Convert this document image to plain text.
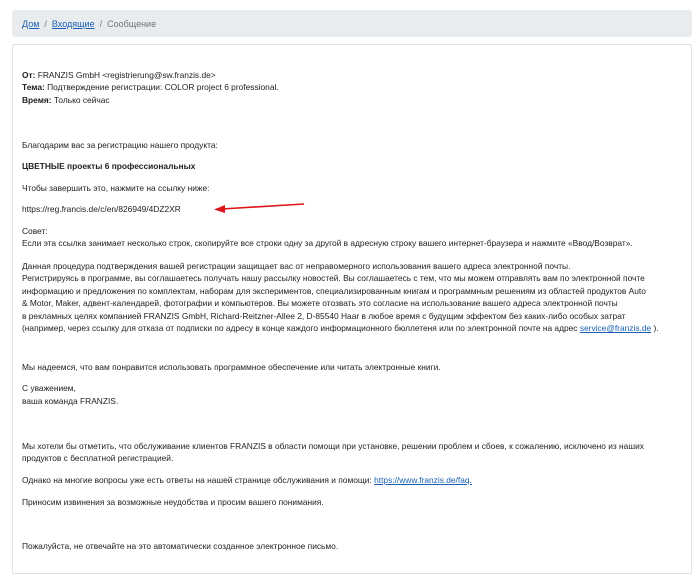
Дом / Входящие / Сообщение
От: FRANZIS GmbH <registrierung@sw.franzis.de>
Тема: Подтверждение регистрации: COLOR project 6 professional.
Время: Только сейчас
Благодарим вас за регистрацию нашего продукта:
ЦВЕТНЫЕ проекты 6 профессиональных
Чтобы завершить это, нажмите на ссылку ниже:
https://reg.francis.de/c/en/826949/4DZ2XR
Совет:
Если эта ссылка занимает несколько строк, скопируйте все строки одну за другой в адресную строку вашего интернет-браузера и нажмите «Ввод/Возврат».
Данная процедура подтверждения вашей регистрации защищает вас от неправомерного использования вашего адреса электронной почты.
Регистрируясь в программе, вы соглашаетесь получать нашу рассылку новостей. Вы соглашаетесь с тем, что мы можем отправлять вам по электронной почте
информацию и предложения по комплектам, наборам для экспериментов, специализированным книгам и программным решениям из областей продуктов Auto
& Motor, Maker, адвент-календарей, фотографии и компьютеров. Вы можете отозвать это согласие на использование вашего адреса электронной почты
в рекламных целях компанией FRANZIS GmbH, Richard-Reitzner-Allee 2, D-85540 Haar в любое время с будущим эффектом без каких-либо особых затрат
(например, через ссылку для отказа от подписки по адресу в конце каждого информационного бюллетеня или по электронной почте на адрес service@franzis.de ).
Мы надеемся, что вам понравится использовать программное обеспечение или читать электронные книги.
С уважением,
ваша команда FRANZIS.
Мы хотели бы отметить, что обслуживание клиентов FRANZIS в области помощи при установке, решении проблем и сбоев, к сожалению, исключено из наших
продуктов с бесплатной регистрацией.
Однако на многие вопросы уже есть ответы на нашей странице обслуживания и помощи: https://www.franzis.de/faq.
Приносим извинения за возможные неудобства и просим вашего понимания.
Пожалуйста, не отвечайте на это автоматически созданное электронное письмо.
